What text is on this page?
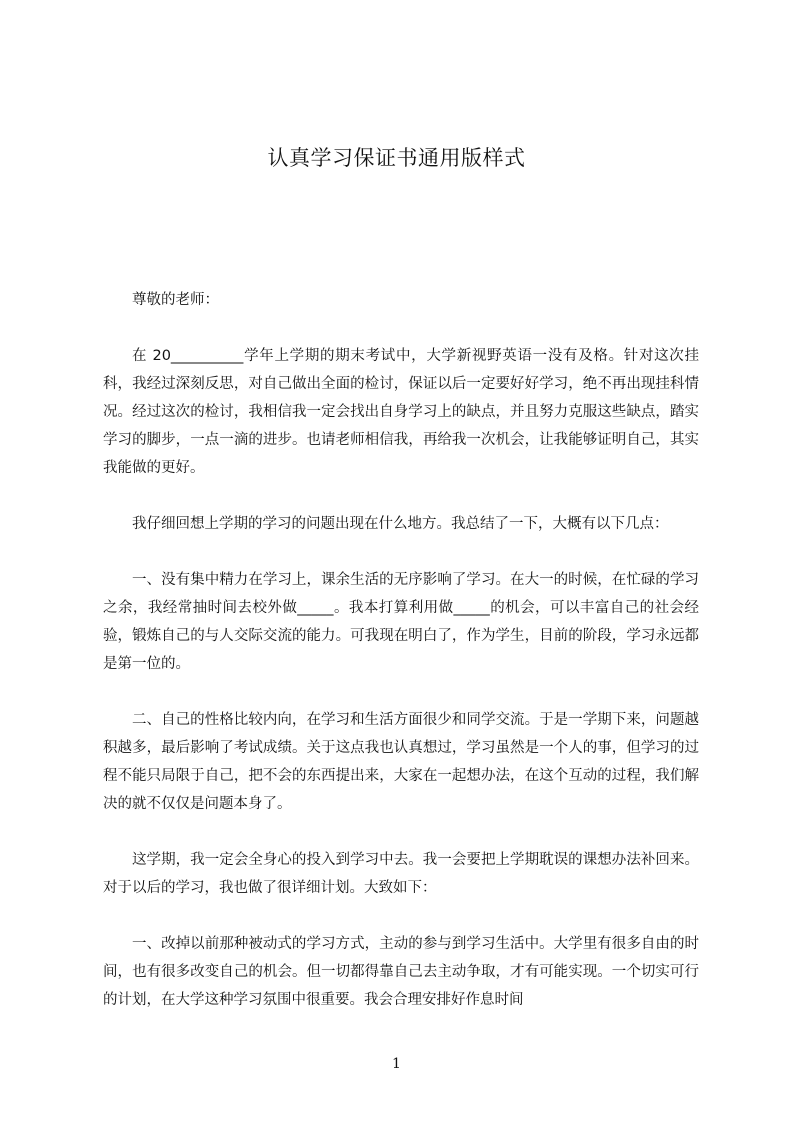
认真学习保证书通用版样式

尊敬的老师：

在 20__________学年上学期的期末考试中，大学新视野英语一没有及格。针对这次挂科，我经过深刻反思，对自己做出全面的检讨，保证以后一定要好好学习，绝不再出现挂科情况。经过这次的检讨，我相信我一定会找出自身学习上的缺点，并且努力克服这些缺点，踏实学习的脚步，一点一滴的进步。也请老师相信我，再给我一次机会，让我能够证明自己，其实我能做的更好。

我仔细回想上学期的学习的问题出现在什么地方。我总结了一下，大概有以下几点：

一、没有集中精力在学习上，课余生活的无序影响了学习。在大一的时候，在忙碌的学习之余，我经常抽时间去校外做_____。我本打算利用做_____的机会，可以丰富自己的社会经验，锻炼自己的与人交际交流的能力。可我现在明白了，作为学生，目前的阶段，学习永远都是第一位的。

二、自己的性格比较内向，在学习和生活方面很少和同学交流。于是一学期下来，问题越积越多，最后影响了考试成绩。关于这点我也认真想过，学习虽然是一个人的事，但学习的过程不能只局限于自己，把不会的东西提出来，大家在一起想办法，在这个互动的过程，我们解决的就不仅仅是问题本身了。

这学期，我一定会全身心的投入到学习中去。我一会要把上学期耽误的课想办法补回来。对于以后的学习，我也做了很详细计划。大致如下：

一、改掉以前那种被动式的学习方式，主动的参与到学习生活中。大学里有很多自由的时间，也有很多改变自己的机会。但一切都得靠自己去主动争取，才有可能实现。一个切实可行的计划，在大学这种学习氛围中很重要。我会合理安排好作息时间

1
